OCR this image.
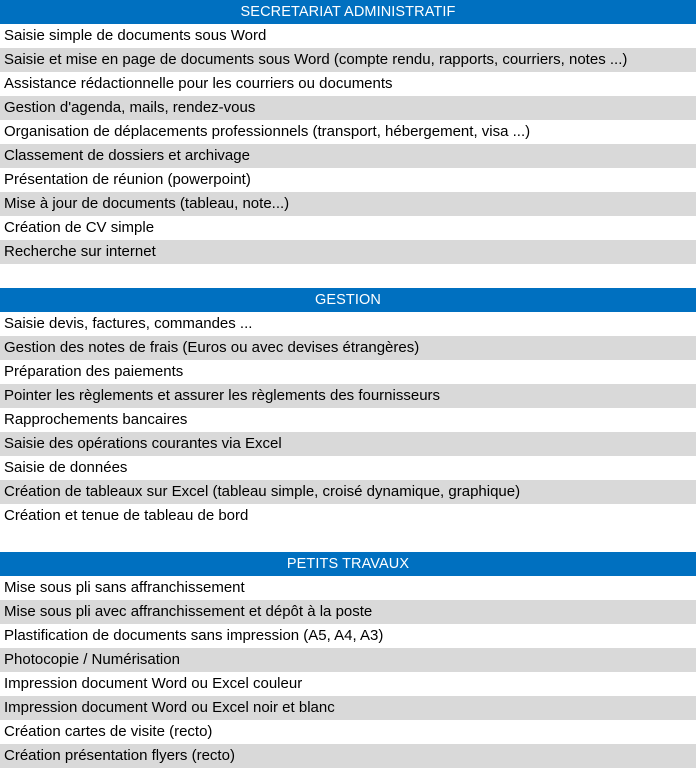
SECRETARIAT ADMINISTRATIF
Saisie simple de documents sous Word
Saisie et mise en page de documents sous Word (compte rendu, rapports, courriers, notes ...)
Assistance rédactionnelle pour les courriers ou documents
Gestion d'agenda, mails, rendez-vous
Organisation de déplacements professionnels (transport, hébergement, visa ...)
Classement de dossiers et archivage
Présentation de réunion (powerpoint)
Mise à jour de documents (tableau, note...)
Création de CV simple
Recherche sur internet
GESTION
Saisie devis, factures, commandes ...
Gestion des notes de frais (Euros ou avec devises étrangères)
Préparation des paiements
Pointer les règlements et assurer les règlements des fournisseurs
Rapprochements bancaires
Saisie des opérations courantes via Excel
Saisie de données
Création de tableaux sur Excel (tableau simple, croisé dynamique, graphique)
Création et tenue de tableau de bord
PETITS TRAVAUX
Mise sous pli sans affranchissement
Mise sous pli avec affranchissement et dépôt à la poste
Plastification de documents sans impression (A5, A4, A3)
Photocopie / Numérisation
Impression document Word ou Excel couleur
Impression document Word ou Excel noir et blanc
Création cartes de visite (recto)
Création présentation flyers (recto)
